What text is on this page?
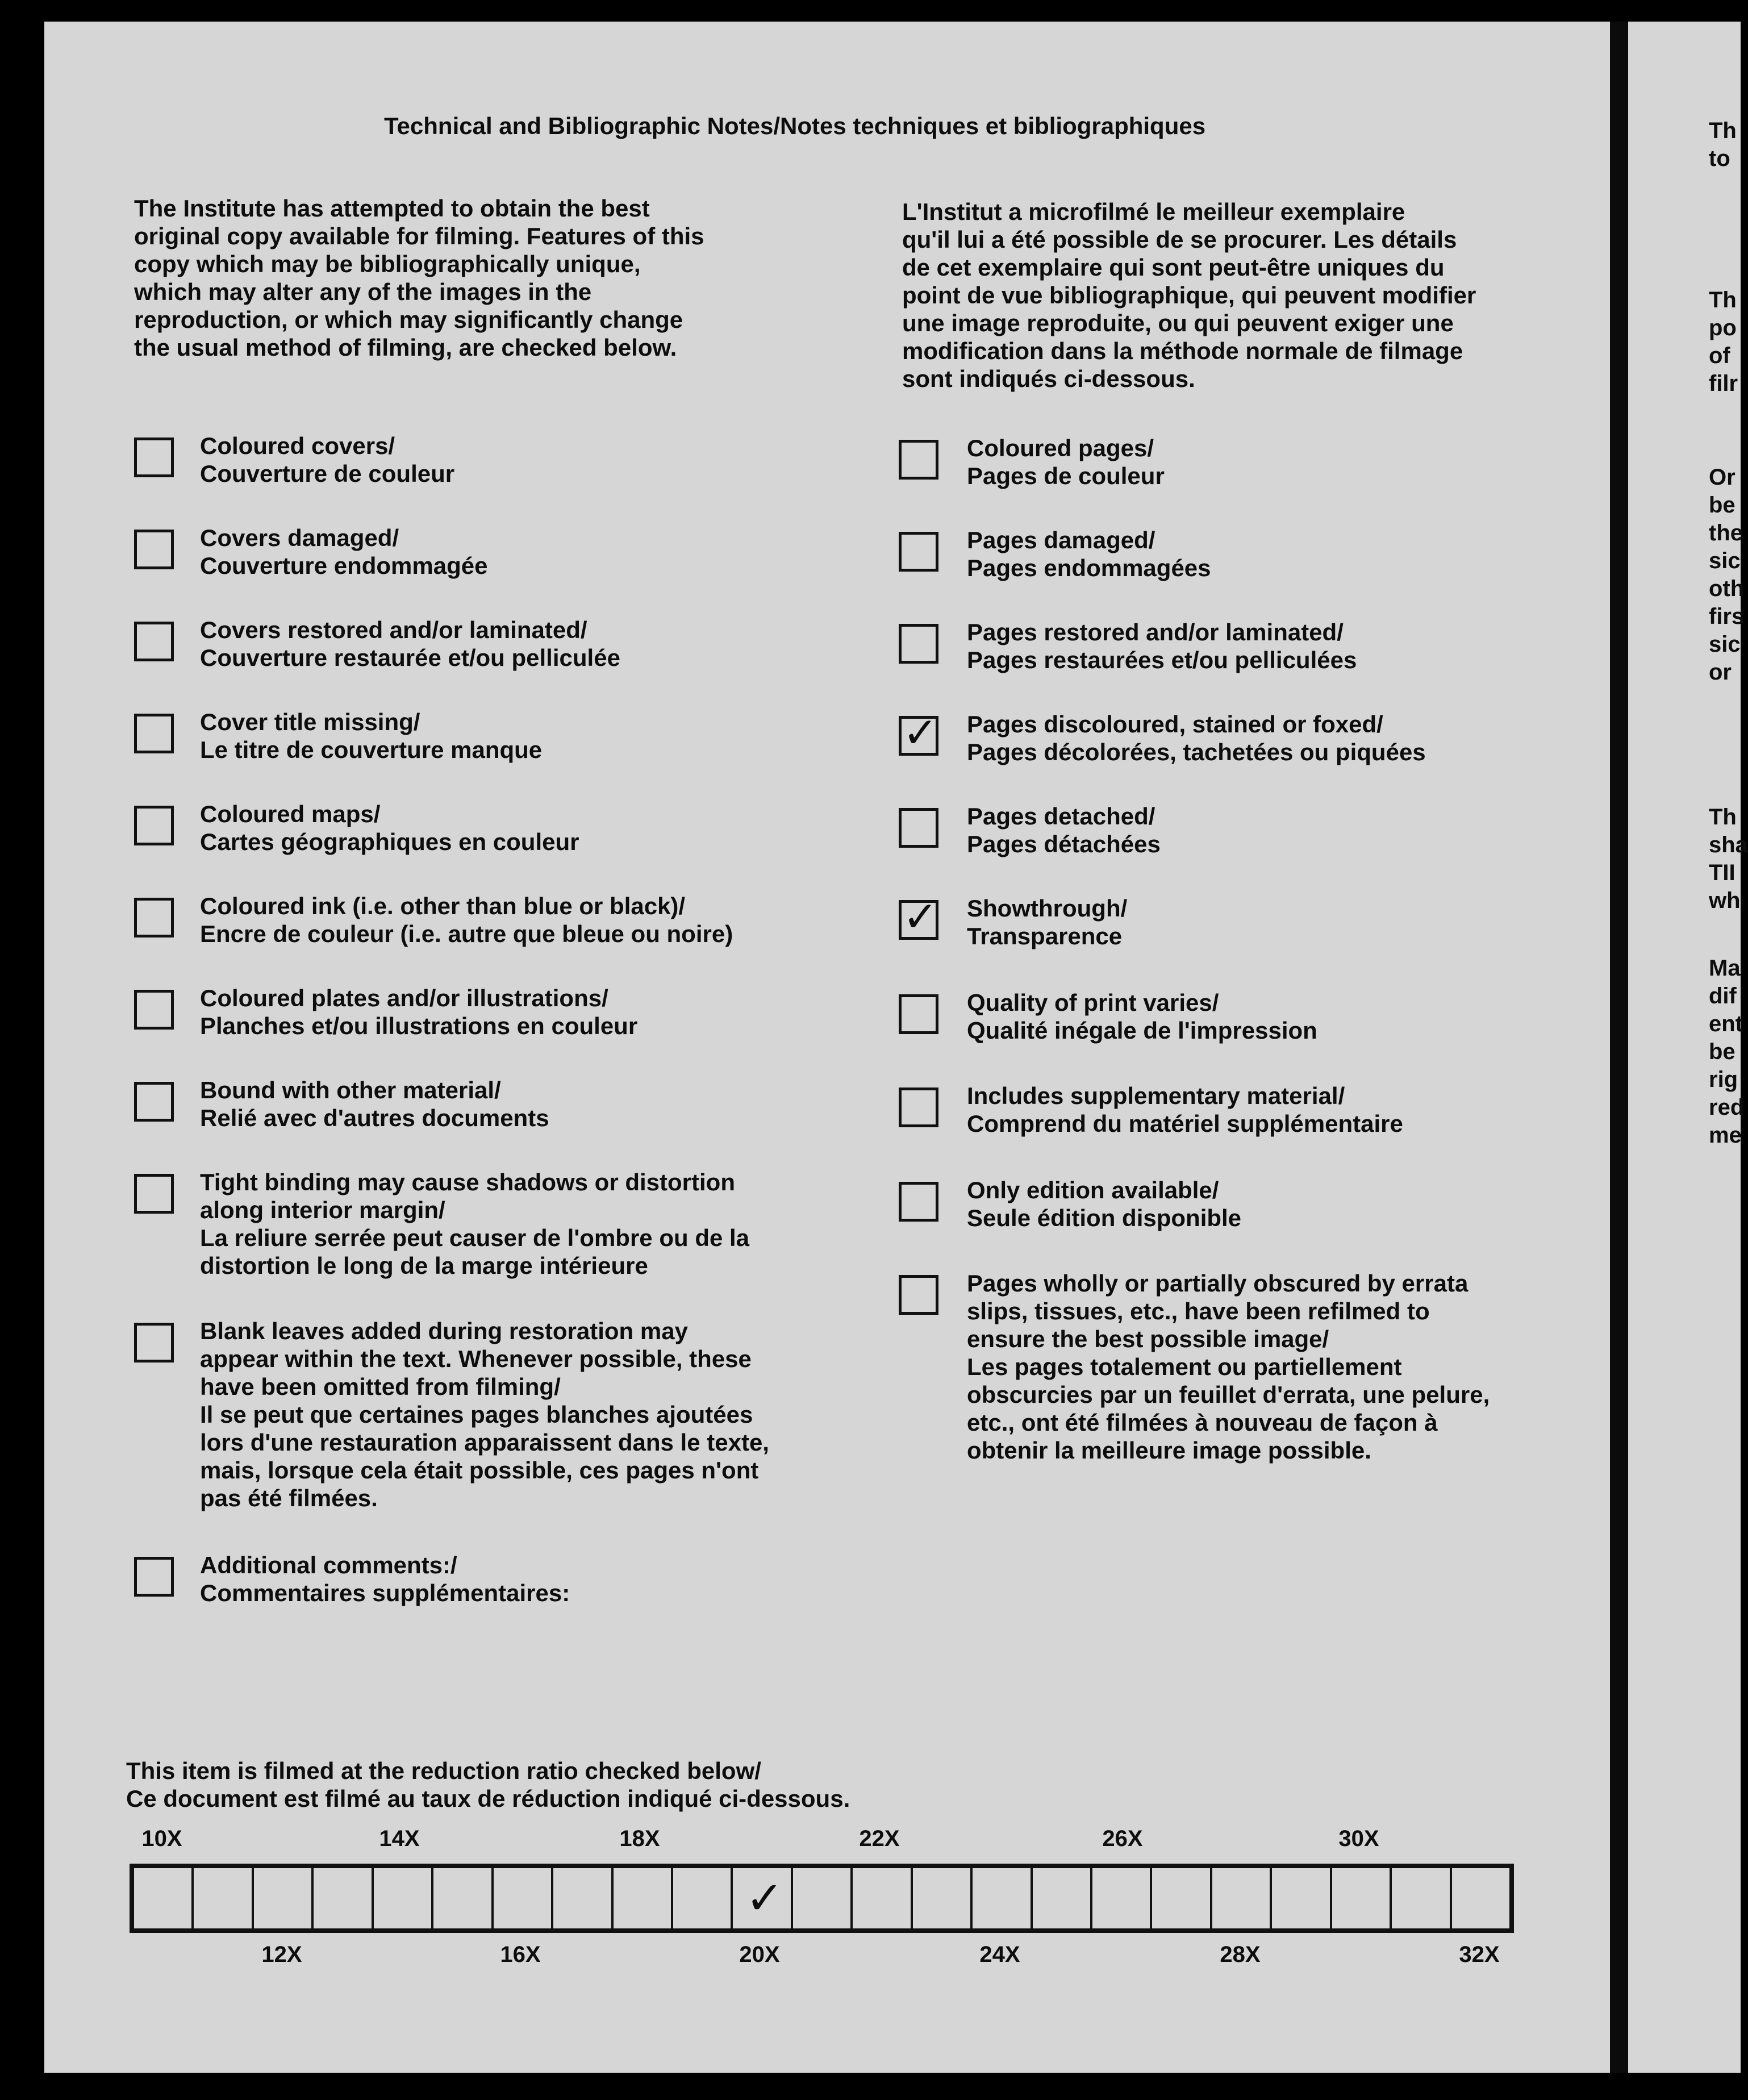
Th
to
Th
po
of
filr
Or
be
the
sic
oth
firs
sic
or
Th
sha
TII
wh
Ma
dif
ent
be
rig
red
me
Technical and Bibliographic Notes/Notes techniques et bibliographiques
The Institute has attempted to obtain the best
original copy available for filming. Features of this
copy which may be bibliographically unique,
which may alter any of the images in the
reproduction, or which may significantly change
the usual method of filming, are checked below.
L'Institut a microfilmé le meilleur exemplaire
qu'il lui a été possible de se procurer. Les détails
de cet exemplaire qui sont peut-être uniques du
point de vue bibliographique, qui peuvent modifier
une image reproduite, ou qui peuvent exiger une
modification dans la méthode normale de filmage
sont indiqués ci-dessous.
Coloured covers/
Couverture de couleur
Covers damaged/
Couverture endommagée
Covers restored and/or laminated/
Couverture restaurée et/ou pelliculée
Cover title missing/
Le titre de couverture manque
Coloured maps/
Cartes géographiques en couleur
Coloured ink (i.e. other than blue or black)/
Encre de couleur (i.e. autre que bleue ou noire)
Coloured plates and/or illustrations/
Planches et/ou illustrations en couleur
Bound with other material/
Relié avec d'autres documents
Tight binding may cause shadows or distortion
along interior margin/
La reliure serrée peut causer de l'ombre ou de la
distortion le long de la marge intérieure
Blank leaves added during restoration may
appear within the text. Whenever possible, these
have been omitted from filming/
Il se peut que certaines pages blanches ajoutées
lors d'une restauration apparaissent dans le texte,
mais, lorsque cela était possible, ces pages n'ont
pas été filmées.
Additional comments:/
Commentaires supplémentaires:
Coloured pages/
Pages de couleur
Pages damaged/
Pages endommagées
Pages restored and/or laminated/
Pages restaurées et/ou pelliculées
✓ Pages discoloured, stained or foxed/
Pages décolorées, tachetées ou piquées
Pages detached/
Pages détachées
✓ Showthrough/
Transparence
Quality of print varies/
Qualité inégale de l'impression
Includes supplementary material/
Comprend du matériel supplémentaire
Only edition available/
Seule édition disponible
Pages wholly or partially obscured by errata
slips, tissues, etc., have been refilmed to
ensure the best possible image/
Les pages totalement ou partiellement
obscurcies par un feuillet d'errata, une pelure,
etc., ont été filmées à nouveau de façon à
obtenir la meilleure image possible.
This item is filmed at the reduction ratio checked below/
Ce document est filmé au taux de réduction indiqué ci-dessous.
10X	14X	18X	22X	26X	30X
✓
12X	16X	20X	24X	28X	32X
